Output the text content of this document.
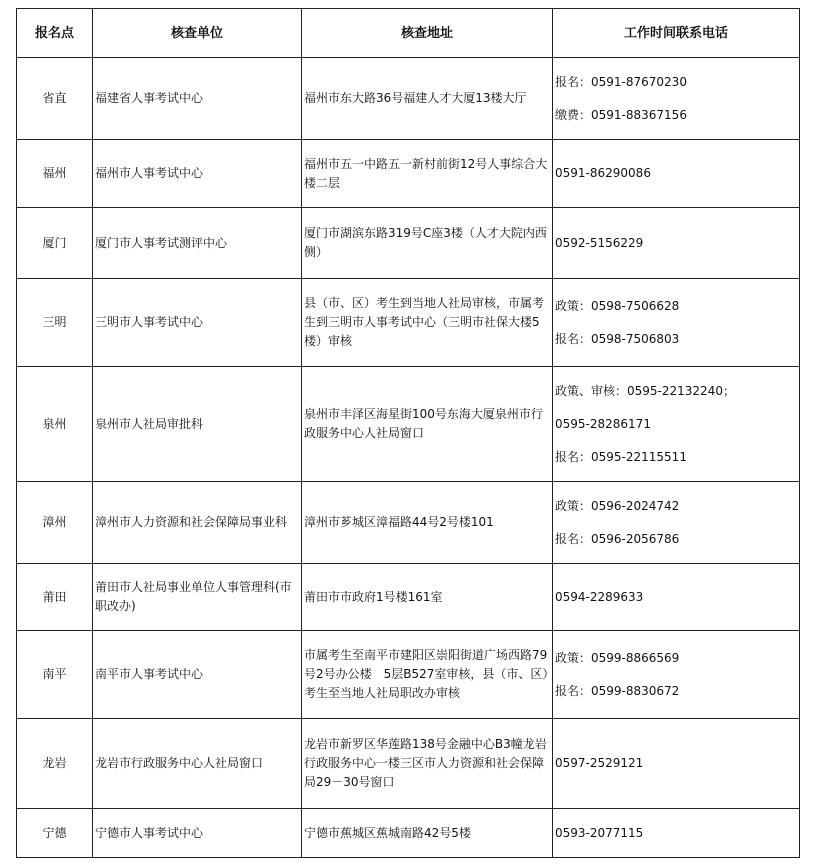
报名点	核查单位	核查地址	工作时间联系电话
省直	福建省人事考试中心	福州市东大路36号福建人才大厦13楼大厅	报名：0591-87670230
缴费：0591-88367156

福州	福州市人事考试中心	福州市五一中路五一新村前街12号人事综合大楼二层	0591-86290086

厦门	厦门市人事考试测评中心	厦门市湖滨东路319号C座3楼（人才大院内西侧）	0592-5156229

三明	三明市人事考试中心	县（市、区）考生到当地人社局审核，市属考生到三明市人事考试中心（三明市社保大楼5楼）审核	政策：0598-7506628
报名：0598-7506803

泉州	泉州市人社局审批科	泉州市丰泽区海星街100号东海大厦泉州市行政服务中心人社局窗口	政策、审核：0595-22132240；
0595-28286171
报名：0595-22115511

漳州	漳州市人力资源和社会保障局事业科	漳州市芗城区漳福路44号2号楼101	政策：0596-2024742
报名：0596-2056786

莆田	莆田市人社局事业单位人事管理科(市职改办)	莆田市市政府1号楼161室	0594-2289633

南平	南平市人事考试中心	市属考生至南平市建阳区崇阳街道广场西路79号2号办公楼　5层B527室审核，县（市、区）考生至当地人社局职改办审核	政策：0599-8866569
报名：0599-8830672

龙岩	龙岩市行政服务中心人社局窗口	龙岩市新罗区华莲路138号金融中心B3幢龙岩行政服务中心一楼三区市人力资源和社会保障局29－30号窗口	0597-2529121

宁德	宁德市人事考试中心	宁德市蕉城区蕉城南路42号5楼	0593-2077115
